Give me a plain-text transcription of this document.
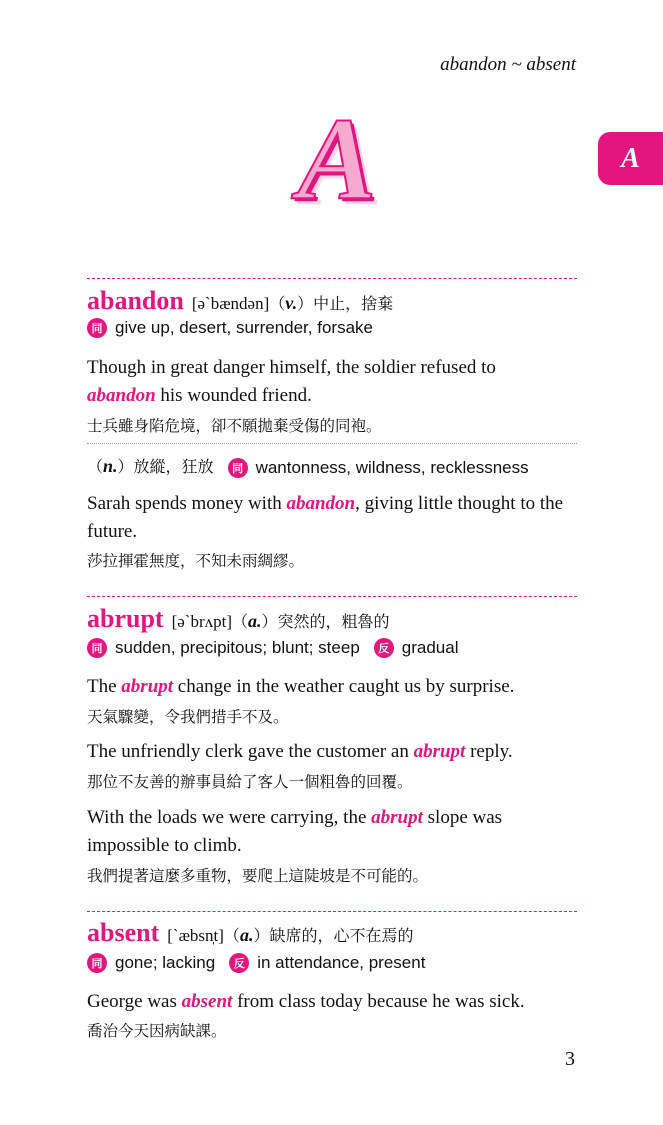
abandon ~ absent
A
A
abandon [ə`bændən]（v.）中止，捨棄
同 give up, desert, surrender, forsake
Though in great danger himself, the soldier refused to
abandon his wounded friend.
士兵雖身陷危境，卻不願拋棄受傷的同袍。
（n.）放縱，狂放	同 wantonness, wildness, recklessness
Sarah spends money with abandon, giving little thought to the future.
莎拉揮霍無度，不知未雨綢繆。
abrupt [ə`brʌpt]（a.）突然的，粗魯的
同 sudden, precipitous; blunt; steep	反 gradual
The abrupt change in the weather caught us by surprise.
天氣驟變，令我們措手不及。
The unfriendly clerk gave the customer an abrupt reply.
那位不友善的辦事員給了客人一個粗魯的回覆。
With the loads we were carrying, the abrupt slope was impossible to climb.
我們提著這麼多重物，要爬上這陡坡是不可能的。
absent [`æbsn̩t]（a.）缺席的，心不在焉的
同 gone; lacking	反 in attendance, present
George was absent from class today because he was sick.
喬治今天因病缺課。
3
